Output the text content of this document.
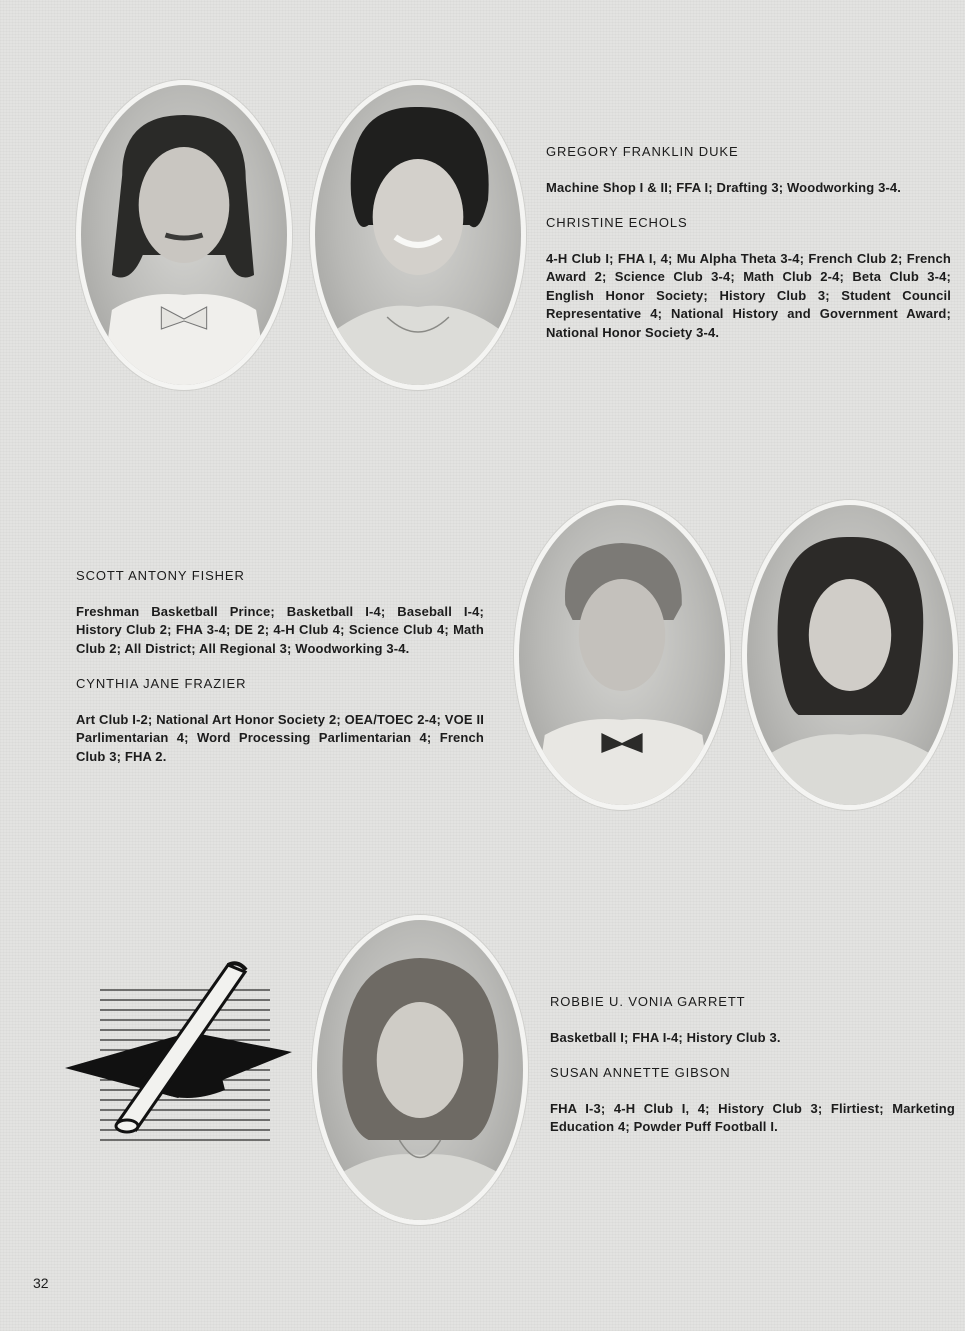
GREGORY FRANKLIN DUKE

Machine Shop I & II; FFA I; Drafting 3; Woodworking 3-4.

CHRISTINE ECHOLS

4-H Club I; FHA I, 4; Mu Alpha Theta 3-4; French Club 2; French Award 2; Science Club 3-4; Math Club 2-4; Beta Club 3-4; English Honor Society; History Club 3; Student Council Representative 4; National History and Government Award; National Honor Society 3-4.

SCOTT ANTONY FISHER

Freshman Basketball Prince; Basketball I-4; Baseball I-4; History Club 2; FHA 3-4; DE 2; 4-H Club 4; Science Club 4; Math Club 2; All District; All Regional 3; Woodworking 3-4.

CYNTHIA JANE FRAZIER

Art Club I-2; National Art Honor Society 2; OEA/TOEC 2-4; VOE II Parlimentarian 4; Word Processing Parlimentarian 4; French Club 3; FHA 2.

ROBBIE U. VONIA GARRETT

Basketball I; FHA I-4; History Club 3.

SUSAN ANNETTE GIBSON

FHA I-3; 4-H Club I, 4; History Club 3; Flirtiest; Marketing Education 4; Powder Puff Football I.

32
